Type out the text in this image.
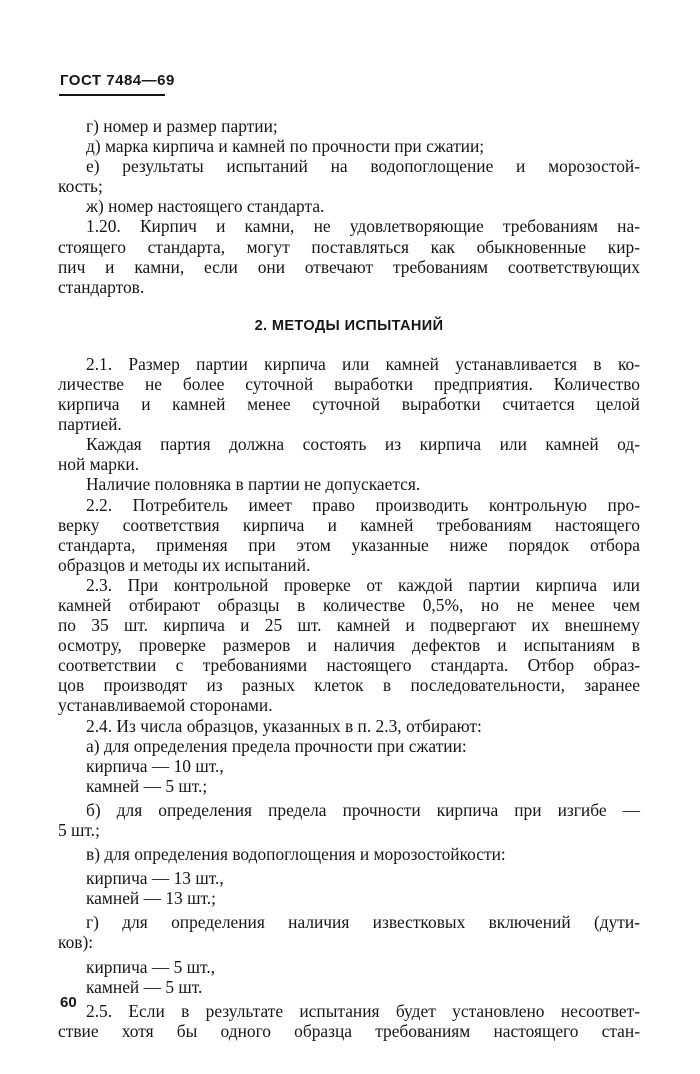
ГОСТ 7484—69
г) номер и размер партии;
д) марка кирпича и камней по прочности при сжатии;
е) результаты испытаний на водопоглощение и морозостой-
кость;
ж) номер настоящего стандарта.
1.20. Кирпич и камни, не удовлетворяющие требованиям на-
стоящего стандарта, могут поставляться как обыкновенные кир-
пич и камни, если они отвечают требованиям соответствующих
стандартов.
2. МЕТОДЫ ИСПЫТАНИЙ
2.1. Размер партии кирпича или камней устанавливается в ко-
личестве не более суточной выработки предприятия. Количество
кирпича и камней менее суточной выработки считается целой
партией.
Каждая партия должна состоять из кирпича или камней од-
ной марки.
Наличие половняка в партии не допускается.
2.2. Потребитель имеет право производить контрольную про-
верку соответствия кирпича и камней требованиям настоящего
стандарта, применяя при этом указанные ниже порядок отбора
образцов и методы их испытаний.
2.3. При контрольной проверке от каждой партии кирпича или
камней отбирают образцы в количестве 0,5%, но не менее чем
по 35 шт. кирпича и 25 шт. камней и подвергают их внешнему
осмотру, проверке размеров и наличия дефектов и испытаниям в
соответствии с требованиями настоящего стандарта. Отбор образ-
цов производят из разных клеток в последовательности, заранее
устанавливаемой сторонами.
2.4. Из числа образцов, указанных в п. 2.3, отбирают:
а) для определения предела прочности при сжатии:
кирпича — 10 шт.,
камней — 5 шт.;
б) для определения предела прочности кирпича при изгибе —
5 шт.;
в) для определения водопоглощения и морозостойкости:
кирпича — 13 шт.,
камней — 13 шт.;
г) для определения наличия известковых включений (дути-
ков):
кирпича — 5 шт.,
камней — 5 шт.
2.5. Если в результате испытания будет установлено несоответ-
ствие хотя бы одного образца требованиям настоящего стан-
60
